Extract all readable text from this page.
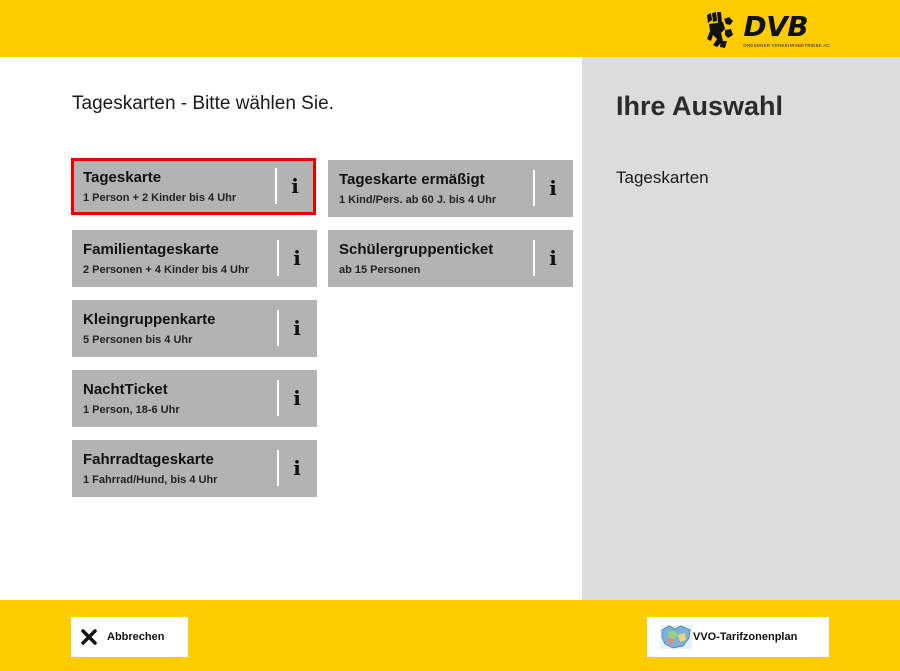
DVB
DRESDNER VERKEHRSBETRIEBE AG
Tageskarten - Bitte wählen Sie.
Tageskarte
1 Person + 2 Kinder bis 4 Uhr	i
Familientageskarte
2 Personen + 4 Kinder bis 4 Uhr i
Kleingruppenkarte
5 Personen bis 4 Uhr	i
NachtTicket
1 Person, 18-6 Uhr	i
Fahrradtageskarte
1 Fahrrad/Hund, bis 4 Uhr	i
Tageskarte ermäßigt
1 Kind/Pers. ab 60 J. bis 4 Uhr	i
Schülergruppenticket
ab 15 Personen	i
Ihre Auswahl
Tageskarten
Abbrechen	VVO-Tarifzonenplan
